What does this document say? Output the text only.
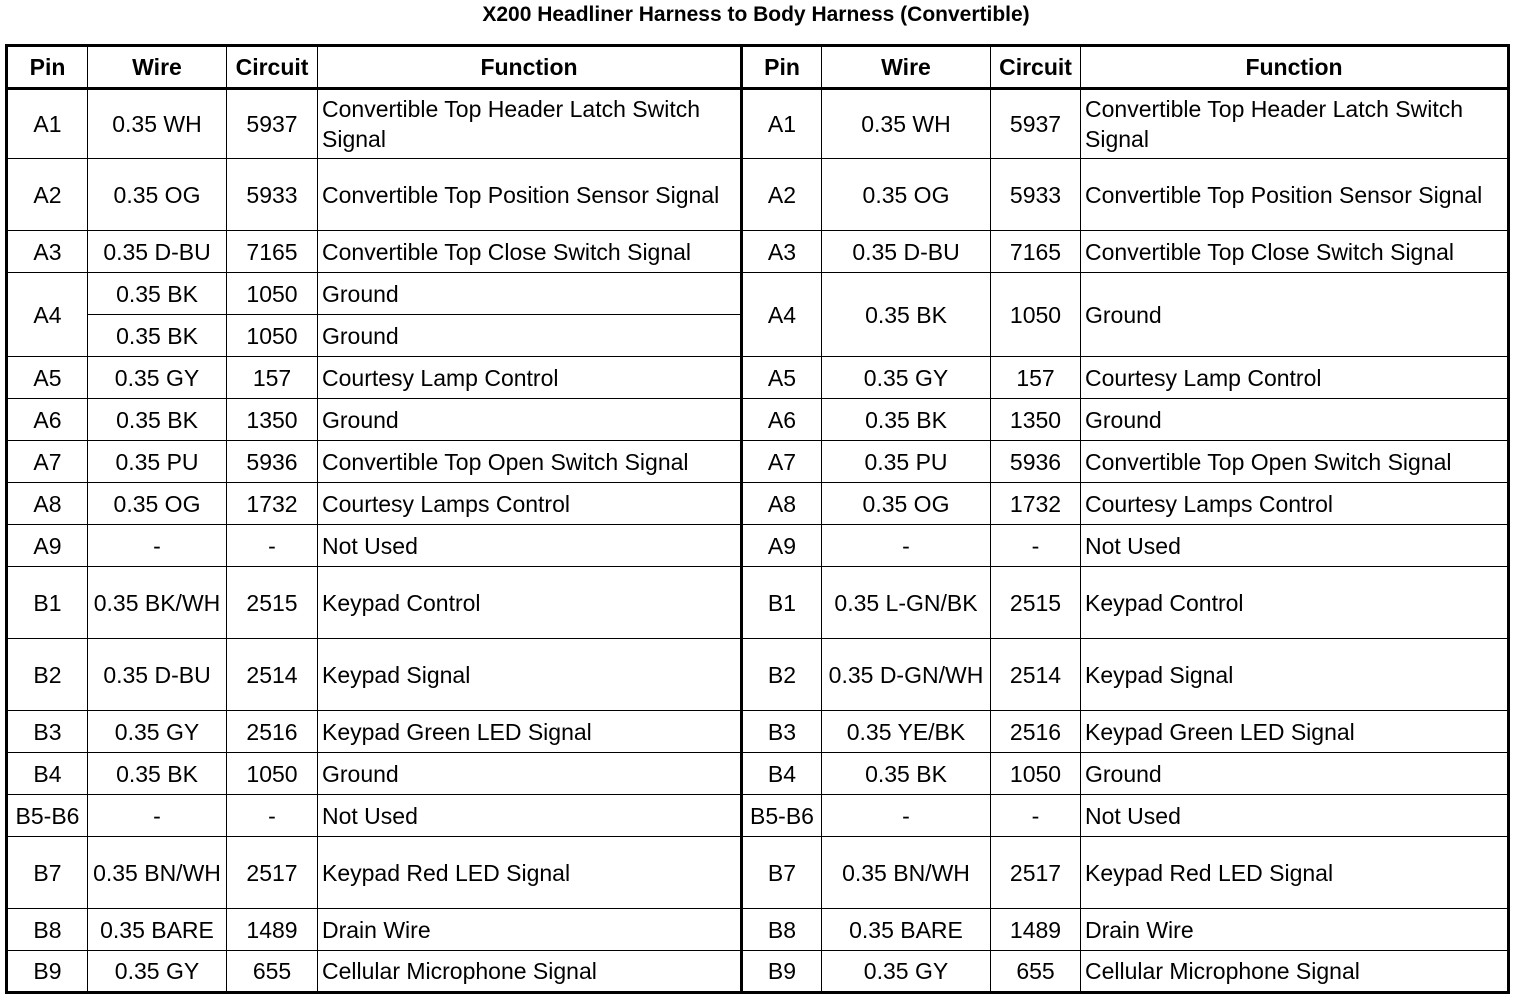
X200 Headliner Harness to Body Harness (Convertible)
Pin	Wire	Circuit	Function	Pin	Wire	Circuit	Function
A1	0.35 WH	5937	Convertible Top Header Latch Switch Signal	A1	0.35 WH	5937	Convertible Top Header Latch Switch Signal
A2	0.35 OG	5933	Convertible Top Position Sensor Signal	A2	0.35 OG	5933	Convertible Top Position Sensor Signal
A3	0.35 D-BU	7165	Convertible Top Close Switch Signal	A3	0.35 D-BU	7165	Convertible Top Close Switch Signal
A4	0.35 BK	1050	Ground	A4	0.35 BK	1050	Ground
	0.35 BK	1050	Ground				
A5	0.35 GY	157	Courtesy Lamp Control	A5	0.35 GY	157	Courtesy Lamp Control
A6	0.35 BK	1350	Ground	A6	0.35 BK	1350	Ground
A7	0.35 PU	5936	Convertible Top Open Switch Signal	A7	0.35 PU	5936	Convertible Top Open Switch Signal
A8	0.35 OG	1732	Courtesy Lamps Control	A8	0.35 OG	1732	Courtesy Lamps Control
A9	-	-	Not Used	A9	-	-	Not Used
B1	0.35 BK/WH	2515	Keypad Control	B1	0.35 L-GN/BK	2515	Keypad Control
B2	0.35 D-BU	2514	Keypad Signal	B2	0.35 D-GN/WH	2514	Keypad Signal
B3	0.35 GY	2516	Keypad Green LED Signal	B3	0.35 YE/BK	2516	Keypad Green LED Signal
B4	0.35 BK	1050	Ground	B4	0.35 BK	1050	Ground
B5-B6	-	-	Not Used	B5-B6	-	-	Not Used
B7	0.35 BN/WH	2517	Keypad Red LED Signal	B7	0.35 BN/WH	2517	Keypad Red LED Signal
B8	0.35 BARE	1489	Drain Wire	B8	0.35 BARE	1489	Drain Wire
B9	0.35 GY	655	Cellular Microphone Signal	B9	0.35 GY	655	Cellular Microphone Signal
